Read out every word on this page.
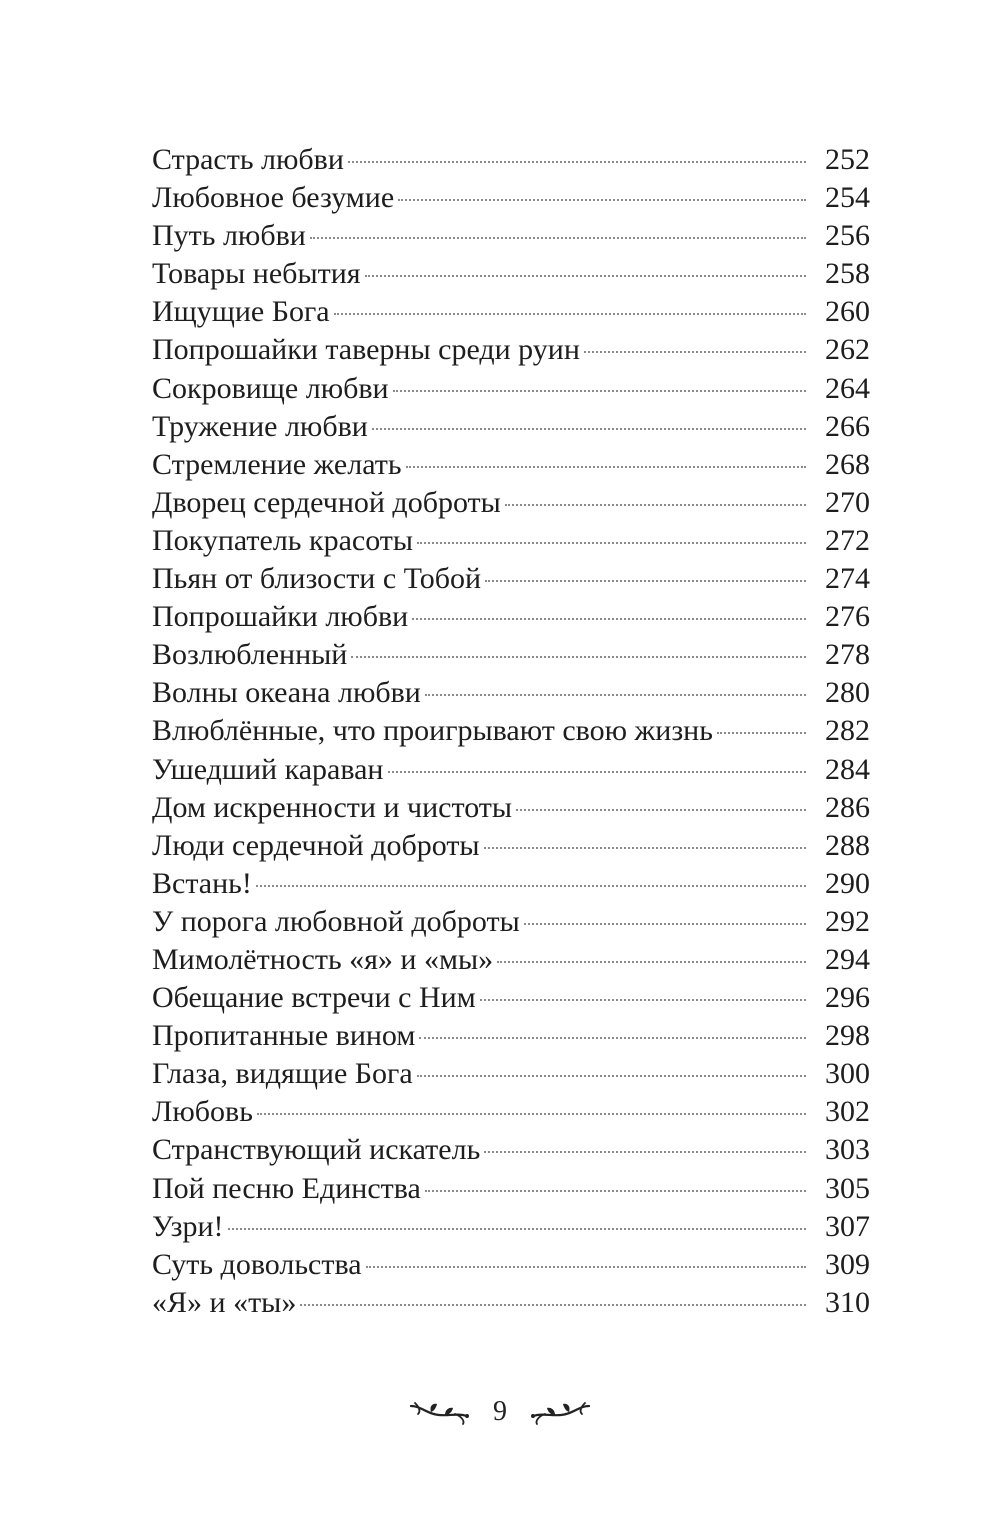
Страсть любви	252
Любовное безумие	254
Путь любви	256
Товары небытия	258
Ищущие Бога	260
Попрошайки таверны среди руин	262
Сокровище любви	264
Тружение любви	266
Стремление желать	268
Дворец сердечной доброты	270
Покупатель красоты	272
Пьян от близости с Тобой	274
Попрошайки любви	276
Возлюбленный	278
Волны океана любви	280
Влюблённые, что проигрывают свою жизнь	282
Ушедший караван	284
Дом искренности и чистоты	286
Люди сердечной доброты	288
Встань!	290
У порога любовной доброты	292
Мимолётность «я» и «мы»	294
Обещание встречи с Ним	296
Пропитанные вином	298
Глаза, видящие Бога	300
Любовь	302
Странствующий искатель	303
Пой песню Единства	305
Узри!	307
Суть довольства	309
«Я» и «ты»	310
9
